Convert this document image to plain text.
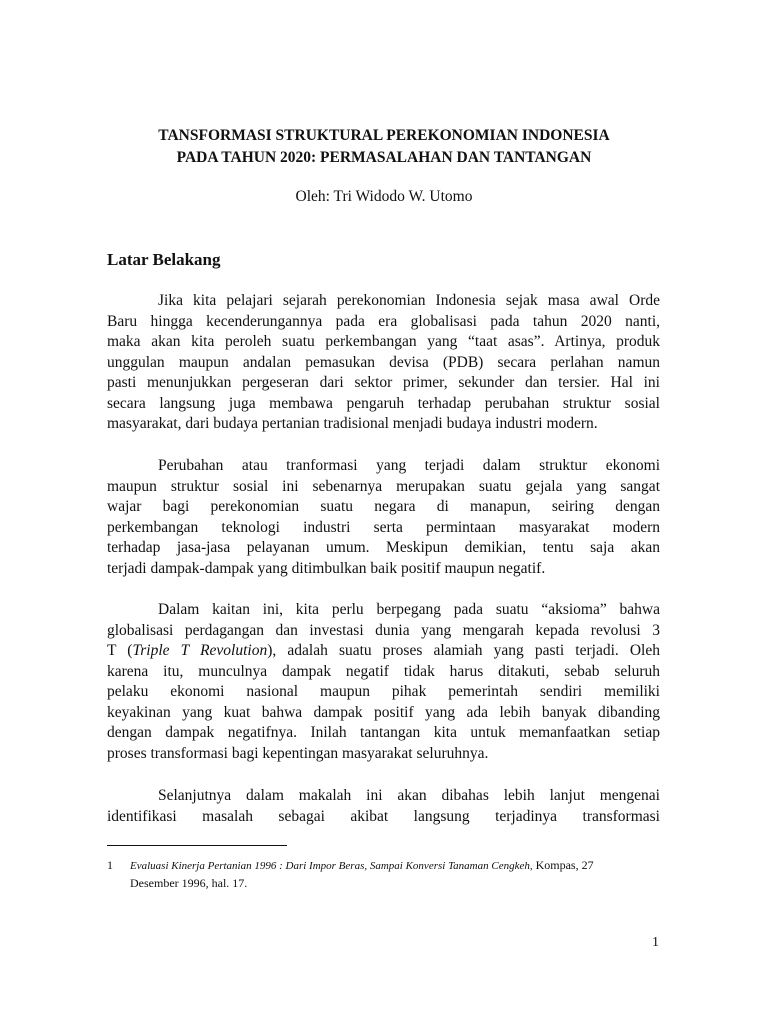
TANSFORMASI STRUKTURAL PEREKONOMIAN INDONESIA
PADA TAHUN 2020: PERMASALAHAN DAN TANTANGAN
Oleh: Tri Widodo W. Utomo
Latar Belakang
Jika kita pelajari sejarah perekonomian Indonesia sejak masa awal Orde
Baru hingga kecenderungannya pada era globalisasi pada tahun 2020 nanti,
maka akan kita peroleh suatu perkembangan yang “taat asas”. Artinya, produk
unggulan maupun andalan pemasukan devisa (PDB) secara perlahan namun
pasti menunjukkan pergeseran dari sektor primer, sekunder dan tersier. Hal ini
secara langsung juga membawa pengaruh terhadap perubahan struktur sosial
masyarakat, dari budaya pertanian tradisional menjadi budaya industri modern.
Perubahan atau tranformasi yang terjadi dalam struktur ekonomi
maupun struktur sosial ini sebenarnya merupakan suatu gejala yang sangat
wajar bagi perekonomian suatu negara di manapun, seiring dengan
perkembangan teknologi industri serta permintaan masyarakat modern
terhadap jasa-jasa pelayanan umum. Meskipun demikian, tentu saja akan
terjadi dampak-dampak yang ditimbulkan baik positif maupun negatif.
Dalam kaitan ini, kita perlu berpegang pada suatu “aksioma” bahwa
globalisasi perdagangan dan investasi dunia yang mengarah kepada revolusi 3
T (Triple T Revolution), adalah suatu proses alamiah yang pasti terjadi. Oleh
karena itu, munculnya dampak negatif tidak harus ditakuti, sebab seluruh
pelaku ekonomi nasional maupun pihak pemerintah sendiri memiliki
keyakinan yang kuat bahwa dampak positif yang ada lebih banyak dibanding
dengan dampak negatifnya. Inilah tantangan kita untuk memanfaatkan setiap
proses transformasi bagi kepentingan masyarakat seluruhnya.
Selanjutnya dalam makalah ini akan dibahas lebih lanjut mengenai
identifikasi masalah sebagai akibat langsung terjadinya transformasi
1 Evaluasi Kinerja Pertanian 1996 : Dari Impor Beras, Sampai Konversi Tanaman Cengkeh, Kompas, 27
Desember 1996, hal. 17.
1
